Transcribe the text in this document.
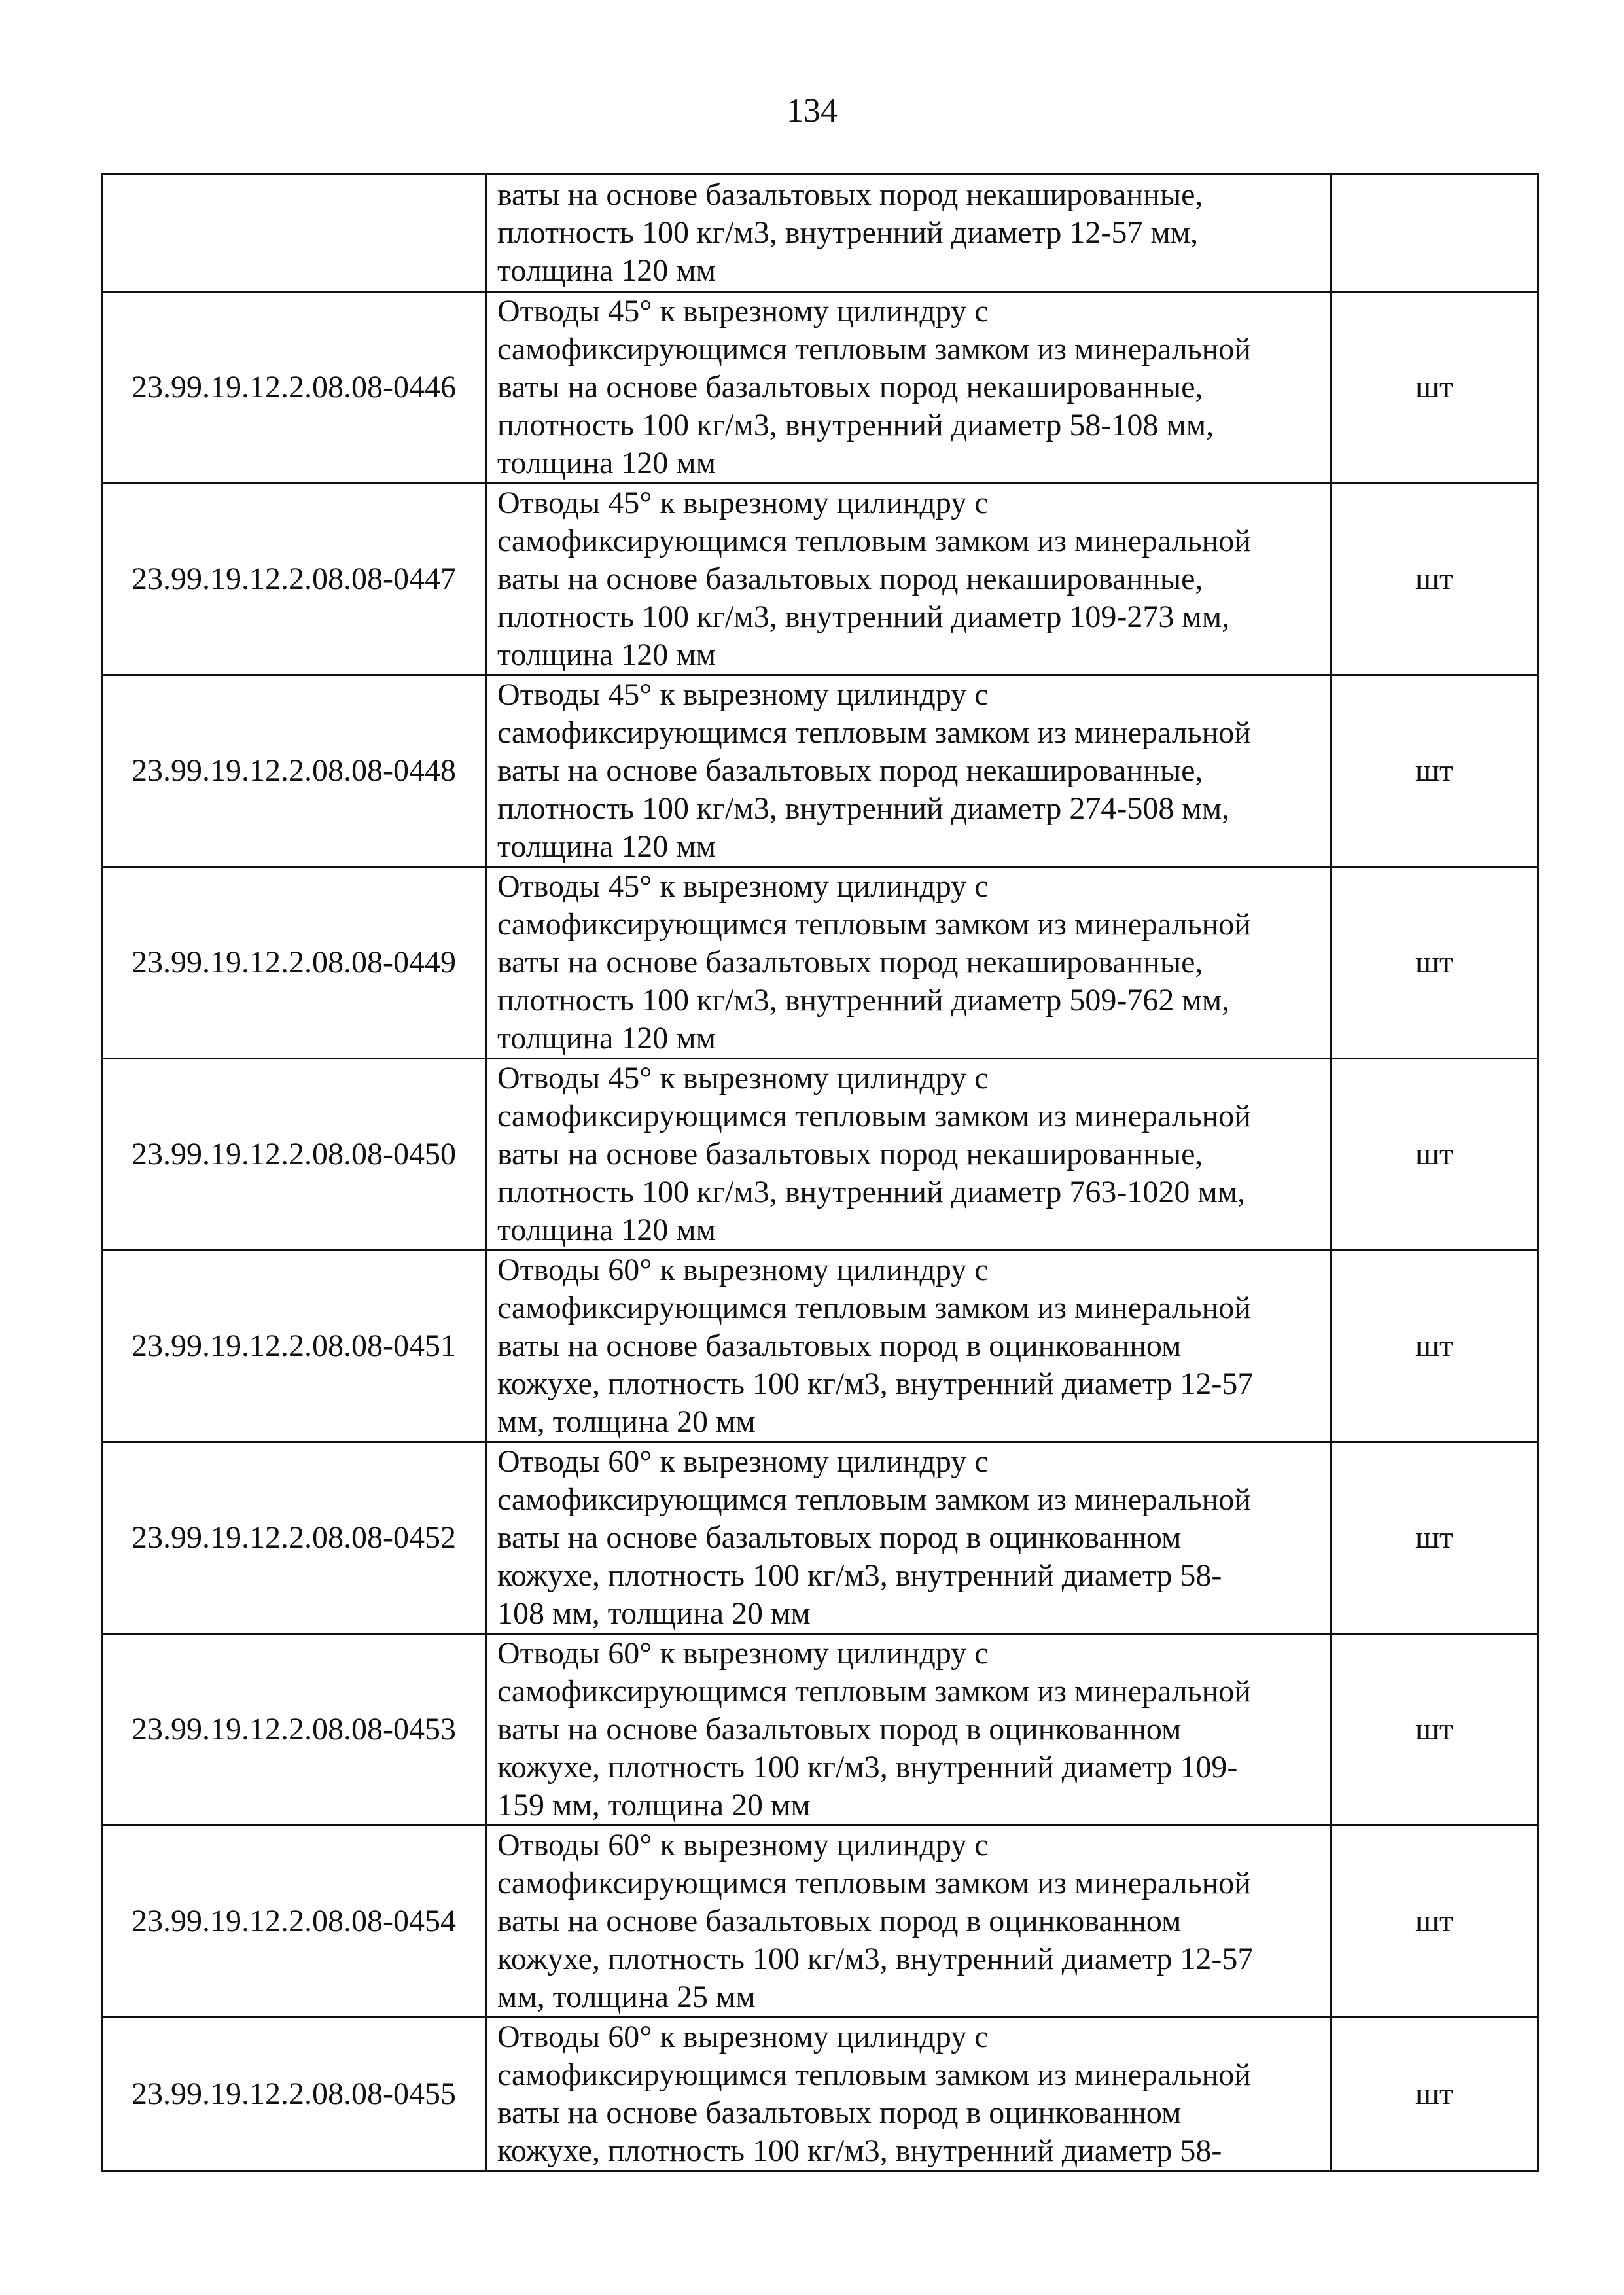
134

	ваты на основе базальтовых пород некашированные,
плотность 100 кг/м3, внутренний диаметр 12-57 мм,
толщина 120 мм	

23.99.19.12.2.08.08-0446	Отводы 45° к вырезному цилиндру с
самофиксирующимся тепловым замком из минеральной
ваты на основе базальтовых пород некашированные,
плотность 100 кг/м3, внутренний диаметр 58-108 мм,
толщина 120 мм	шт
23.99.19.12.2.08.08-0447	Отводы 45° к вырезному цилиндру с
самофиксирующимся тепловым замком из минеральной
ваты на основе базальтовых пород некашированные,
плотность 100 кг/м3, внутренний диаметр 109-273 мм,
толщина 120 мм	шт
23.99.19.12.2.08.08-0448	Отводы 45° к вырезному цилиндру с
самофиксирующимся тепловым замком из минеральной
ваты на основе базальтовых пород некашированные,
плотность 100 кг/м3, внутренний диаметр 274-508 мм,
толщина 120 мм	шт
23.99.19.12.2.08.08-0449	Отводы 45° к вырезному цилиндру с
самофиксирующимся тепловым замком из минеральной
ваты на основе базальтовых пород некашированные,
плотность 100 кг/м3, внутренний диаметр 509-762 мм,
толщина 120 мм	шт
23.99.19.12.2.08.08-0450	Отводы 45° к вырезному цилиндру с
самофиксирующимся тепловым замком из минеральной
ваты на основе базальтовых пород некашированные,
плотность 100 кг/м3, внутренний диаметр 763-1020 мм,
толщина 120 мм	шт
23.99.19.12.2.08.08-0451	Отводы 60° к вырезному цилиндру с
самофиксирующимся тепловым замком из минеральной
ваты на основе базальтовых пород в оцинкованном
кожухе, плотность 100 кг/м3, внутренний диаметр 12-57
мм, толщина 20 мм	шт
23.99.19.12.2.08.08-0452	Отводы 60° к вырезному цилиндру с
самофиксирующимся тепловым замком из минеральной
ваты на основе базальтовых пород в оцинкованном
кожухе, плотность 100 кг/м3, внутренний диаметр 58-
108 мм, толщина 20 мм	шт
23.99.19.12.2.08.08-0453	Отводы 60° к вырезному цилиндру с
самофиксирующимся тепловым замком из минеральной
ваты на основе базальтовых пород в оцинкованном
кожухе, плотность 100 кг/м3, внутренний диаметр 109-
159 мм, толщина 20 мм	шт
23.99.19.12.2.08.08-0454	Отводы 60° к вырезному цилиндру с
самофиксирующимся тепловым замком из минеральной
ваты на основе базальтовых пород в оцинкованном
кожухе, плотность 100 кг/м3, внутренний диаметр 12-57
мм, толщина 25 мм	шт
23.99.19.12.2.08.08-0455	Отводы 60° к вырезному цилиндру с
самофиксирующимся тепловым замком из минеральной
ваты на основе базальтовых пород в оцинкованном
кожухе, плотность 100 кг/м3, внутренний диаметр 58-	шт
